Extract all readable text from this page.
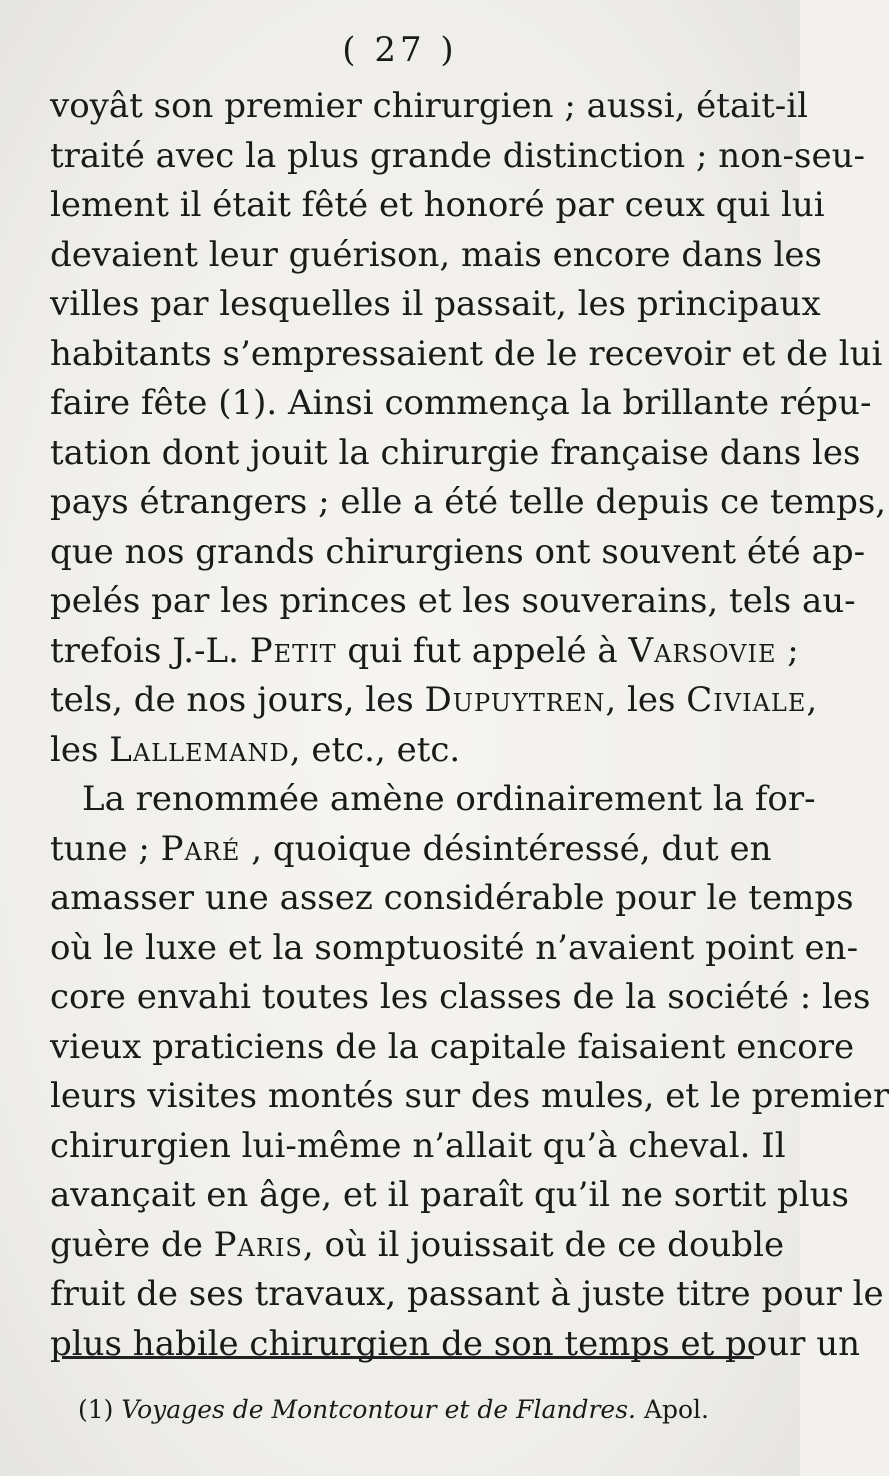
( 27 )
voyât son premier chirurgien ; aussi, était-il
traité avec la plus grande distinction ; non-seu-
lement il était fêté et honoré par ceux qui lui
devaient leur guérison, mais encore dans les
villes par lesquelles il passait, les principaux
habitants s’empressaient de le recevoir et de lui
faire fête (1). Ainsi commença la brillante répu-
tation dont jouit la chirurgie française dans les
pays étrangers ; elle a été telle depuis ce temps,
que nos grands chirurgiens ont souvent été ap-
pelés par les princes et les souverains, tels au-
trefois J.-L. Petit qui fut appelé à Varsovie ;
tels, de nos jours, les Dupuytren, les Civiale,
les Lallemand, etc., etc.
La renommée amène ordinairement la for-
tune ; Paré , quoique désintéressé, dut en
amasser une assez considérable pour le temps
où le luxe et la somptuosité n’avaient point en-
core envahi toutes les classes de la société : les
vieux praticiens de la capitale faisaient encore
leurs visites montés sur des mules, et le premier
chirurgien lui-même n’allait qu’à cheval. Il
avançait en âge, et il paraît qu’il ne sortit plus
guère de Paris, où il jouissait de ce double
fruit de ses travaux, passant à juste titre pour le
plus habile chirurgien de son temps et pour un
(1) Voyages de Montcontour et de Flandres. Apol.
